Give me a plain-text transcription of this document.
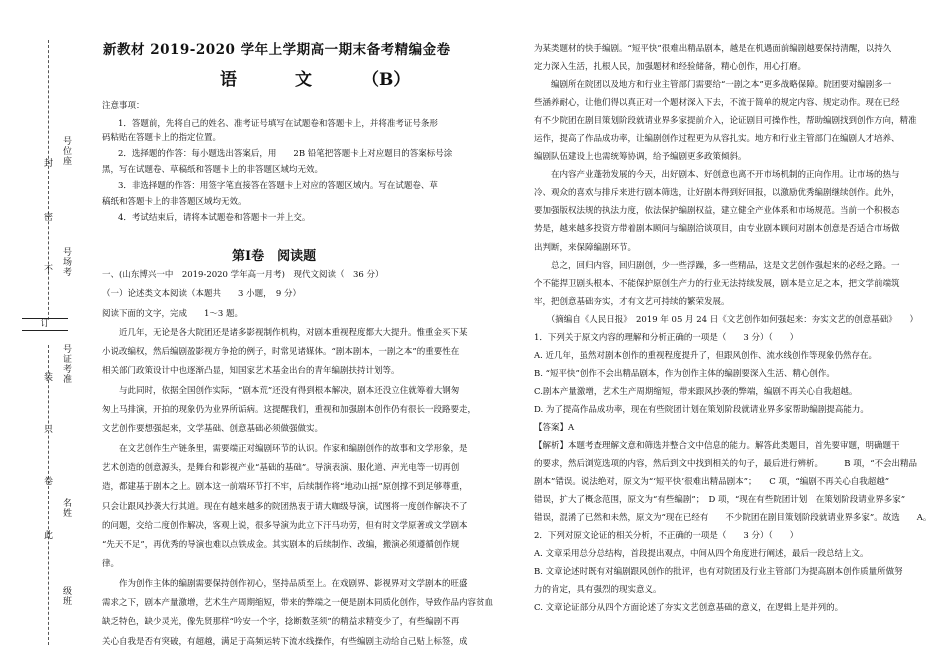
封
密
不
订
装
只
卷
此
号位座
号场考
号证考准
名姓
级班
新教材 2019-2020 学年上学期高一期末备考精编金卷
语	文	（B）
注意事项：
1．答题前，先将自己的姓名、准考证号填写在试题卷和答题卡上，并将准考证号条形
码粘贴在答题卡上的指定位置。
2．选择题的作答：每小题选出答案后，用　　2B 铅笔把答题卡上对应题目的答案标号涂
黑，写在试题卷、草稿纸和答题卡上的非答题区域均无效。
3．非选择题的作答：用签字笔直接答在答题卡上对应的答题区域内。写在试题卷、草
稿纸和答题卡上的非答题区域均无效。
4．考试结束后，请将本试题卷和答题卡一并上交。
第Ⅰ卷　阅读题
一、(山东博兴一中　2019-2020 学年高一月考)　现代文阅读（　36 分）
（一）论述类文本阅读（本题共　　3 小题，　9 分）
阅读下面的文字，完成　　1～3 题。
　　近几年，无论是各大院团还是诸多影视制作机构，对剧本重视程度都大大提升。惟重金买下某
小说改编权，然后编剧盈影视方争抢的例子，时常见诸媒体。“剧本剧本，一剧之本”的重要性在
相关部门政策设计中也逐渐凸显，知国家艺术基金出台的青年编剧扶持计划等。
　　与此同时，依据全国创作实际，“剧本荒”还没有得到根本解决，剧本还没立住就筹着大钢匆
匆上马排演，开拍的现象仍为业界所诟病。这提醒我们，重视和加强剧本创作仍有很长一段路要走，
文艺创作要想强起来，文学基础、创意基础必须做强做实。
　　在文艺创作生产链条里，需要端正对编剧环节的认识。作家和编剧创作的故事和文学形象，是
艺术创造的创意源头，是舞台和影视产业“基础的基础”。导演表演、服化道、声光电等一切再创
造，都建基于剧本之上。剧本这一前端环节打不牢，后续制作将“地动山摇”原创撑不到足够尊重，
只会让跟风抄袭大行其道。现在有越来越多的院团热衷于请大咖级导演，试图将一度创作解决不了
的问题，交给二度创作解决，客观上说，很多导演为此立下汗马功劳，但有时文学原著或文学剧本
“先天不足”，再优秀的导演也难以点铁成金。其实剧本的后续制作、改编，搬演必须遵循创作规
律。
　　作为创作主体的编剧需要保持创作初心，坚持品质至上。在戏剧界、影视界对文学剧本的旺盛
需求之下，剧本产量激增，艺术生产周期缩短，带来的弊端之一便是剧本同质化创作，导致作品内容贫血
缺乏特色，缺少灵光，像先贤那样“吟安一个字，捻断数茎须”的精益求精变少了，有些编剧不再
关心自我是否有突破，有超越，满足于高频运转下流水线操作，有些编剧主动给自己贴上标签，成
为某类题材的快手编剧。“短平快”很难出精品剧本，越是在机遇面前编剧越要保持清醒，以持久
定力深入生活，扎根人民，加强题材和经验储备，精心创作，用心打磨。
　　编剧所在院团以及地方和行业主管部门需要给“一剧之本”更多战略保障。院团要对编剧多一
些涵养耐心，让他们得以真正对一个题材深入下去，不流于简单的规定内容、规定动作。现在已经
有不少院团在剧目策划阶段就请业界多家提前介入，论证剧目可操作性，帮助编剧找到创作方向，精准
运作，提高了作品成功率，让编剧创作过程更为从容扎实。地方和行业主管部门在编剧人才培养、
编剧队伍建设上也需统筹协调，给予编剧更多政策倾斜。
　　在内容产业蓬勃发展的今天，出好剧本、好创意也离不开市场机制的正向作用。让市场的热与
冷、观众的喜欢与排斥来进行剧本筛选，让好剧本得到好回报，以激励优秀编剧继续创作。此外，
要加强版权法规的执法力度，依法保护编剧权益，建立健全产业体系和市场规范。当前一个积极态
势是，越来越多投资方带着剧本顾问与编剧洽谈项目，由专业剧本顾问对剧本创意是否适合市场做
出判断，来保障编剧环节。
　　总之，回归内容，回归剧创，少一些浮躁，多一些精品，这是文艺创作强起来的必经之路。一
个不能捍卫剧头根本、不能保护原创生产力的行业无法持续发展，剧本是立足之本，把文学前端筑
牢，把创意基础夯实，才有文艺可持续的繁荣发展。
　　（摘编自《人民日报》　2019 年 05 月 24 日《文艺创作如何强起来：夯实文艺的创意基础》　　）
1．下列关于原文内容的理解和分析正确的一项是（　　3 分）（　　）
A. 近几年，虽然对剧本创作的重视程度提升了，但跟风创作、流水线创作等现象仍然存在。
B. “短平快”创作不会出精品剧本，作为创作主体的编剧要深入生活、精心创作。
C.剧本产量激增，艺术生产周期缩短，带来跟风抄袭的弊端，编剧不再关心自我超越。
D. 为了提高作品成功率，现在有些院团计划在策划阶段就请业界多家帮助编剧提高能力。
【答案】A
【解析】本题考查理解文意和筛选并整合文中信息的能力。解答此类题目，首先要审题，明确题干
的要求，然后浏览选项的内容，然后到文中找到相关的句子，最后进行辨析。　　　B 项，“不会出精品
剧本”错误。说法绝对，原文为“‘短平快’很难出精品剧本”；　　C 项，“编剧不再关心自我超越”
错误，扩大了概念范围，原文为“有些编剧”；　D 项，“现在有些院团计划　在策划阶段请业界多家”
错误，混淆了已然和未然，原文为“现在已经有　　不少院团在剧目策划阶段就请业界多家”。故选　　A。
2．下列对原文论证的相关分析，不正确的一项是（　　3 分）（　　）
A. 文章采用总分总结构，首段提出观点，中间从四个角度进行阐述，最后一段总结上文。
B. 文章论述时既有对编剧跟风创作的批评，也有对院团及行业主管部门为提高剧本创作质量所做努
力的肯定，具有强烈的现实意义。
C. 文章论证部分从四个方面论述了夯实文艺创意基础的意义，在逻辑上是并列的。
